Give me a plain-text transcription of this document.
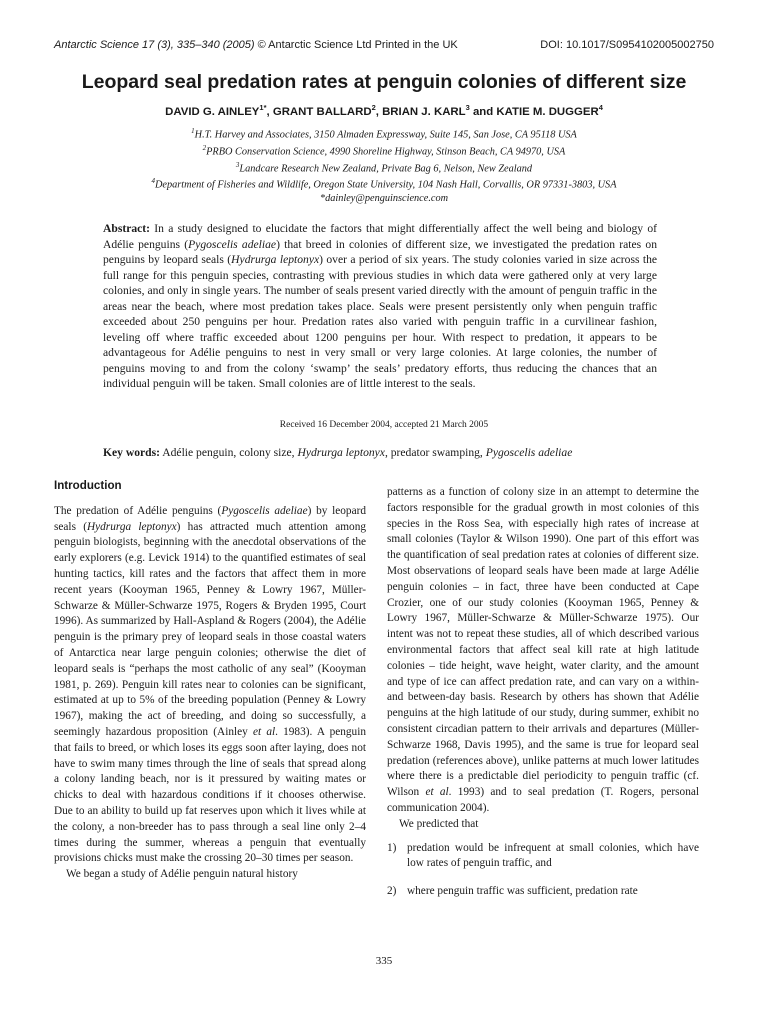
Antarctic Science 17 (3), 335–340 (2005) © Antarctic Science Ltd Printed in the UK	DOI: 10.1017/S0954102005002750
Leopard seal predation rates at penguin colonies of different size
DAVID G. $AINLEY^{1*}$, GRANT BALLARD$^2$, BRIAN J. KARL$^3$ and KATIE M. DUGGER$^4$
$^1$H.T. Harvey and Associates, 3150 Almaden Expressway, Suite 145, San Jose, CA 95118 USA
$^2$PRBO Conservation Science, 4990 Shoreline Highway, Stinson Beach, CA 94970, USA
$^3$Landcare Research New Zealand, Private Bag 6, Nelson, New Zealand
$^4$Department of Fisheries and Wildlife, Oregon State University, 104 Nash Hall, Corvallis, OR 97331-3803, USA
*dainley@penguinscience.com

Abstract: In a study designed to elucidate the factors that might differentially affect the well being and biology of Adélie penguins (Pygoscelis adeliae) that breed in colonies of different size, we investigated the predation rates on penguins by leopard seals (Hydrurga leptonyx) over a period of six years. The study colonies varied in size across the full range for this penguin species, contrasting with previous studies in which data were gathered only at very large colonies, and only in single years. The number of seals present varied directly with the amount of penguin traffic in the areas near the beach, where most predation takes place. Seals were present persistently only when penguin traffic exceeded about 250 penguins per hour. Predation rates also varied with penguin traffic in a curvilinear fashion, leveling off where traffic exceeded about 1200 penguins per hour. With respect to predation, it appears to be advantageous for Adélie penguins to nest in very small or very large colonies. At large colonies, the number of penguins moving to and from the colony ‘swamp’ the seals’ predatory efforts, thus reducing the chances that an individual penguin will be taken. Small colonies are of little interest to the seals.

Received 16 December 2004, accepted 21 March 2005
Key words: Adélie penguin, colony size, Hydrurga leptonyx, predator swamping, Pygoscelis adeliae
Introduction

The predation of Adélie penguins (Pygoscelis adeliae) by leopard seals (Hydrurga leptonyx) has attracted much attention among penguin biologists, beginning with the anecdotal observations of the early explorers (e.g. Levick 1914) to the quantified estimates of seal hunting tactics, kill rates and the factors that affect them in more recent years (Kooyman 1965, Penney & Lowry 1967, Müller-Schwarze & Müller-Schwarze 1975, Rogers & Bryden 1995, Court 1996). As summarized by Hall-Aspland & Rogers (2004), the Adélie penguin is the primary prey of leopard seals in those coastal waters of Antarctica near large penguin colonies; otherwise the diet of leopard seals is “perhaps the most catholic of any seal” (Kooyman 1981, p. 269). Penguin kill rates near to colonies can be significant, estimated at up to 5% of the breeding population (Penney & Lowry 1967), making the act of breeding, and doing so successfully, a seemingly hazardous proposition (Ainley et al. 1983). A penguin that fails to breed, or which loses its eggs soon after laying, does not have to swim many times through the line of seals that spread along a colony landing beach, nor is it pressured by waiting mates or chicks to deal with hazardous conditions if it chooses otherwise. Due to an ability to build up fat reserves upon which it lives while at the colony, a non-breeder has to pass through a seal line only 2–4 times during the summer, whereas a penguin that eventually provisions chicks must make the crossing 20–30 times per season.

We began a study of Adélie penguin natural history

patterns as a function of colony size in an attempt to determine the factors responsible for the gradual growth in most colonies of this species in the Ross Sea, with especially high rates of increase at small colonies (Taylor & Wilson 1990). One part of this effort was the quantification of seal predation rates at colonies of different size. Most observations of leopard seals have been made at large Adélie penguin colonies – in fact, three have been conducted at Cape Crozier, one of our study colonies (Kooyman 1965, Penney & Lowry 1967, Müller-Schwarze & Müller-Schwarze 1975). Our intent was not to repeat these studies, all of which described various environmental factors that affect seal kill rate at high latitude colonies – tide height, wave height, water clarity, and the amount and type of ice can affect predation rate, and can vary on a within- and between-day basis. Research by others has shown that Adélie penguins at the high latitude of our study, during summer, exhibit no consistent circadian pattern to their arrivals and departures (Müller-Schwarze 1968, Davis 1995), and the same is true for leopard seal predation (references above), unlike patterns at much lower latitudes where there is a predictable diel periodicity to penguin traffic (cf. Wilson et al. 1993) and to seal predation (T. Rogers, personal communication 2004).

We predicted that

1) predation would be infrequent at small colonies, which have low rates of penguin traffic, and
2) where penguin traffic was sufficient, predation rate
335
